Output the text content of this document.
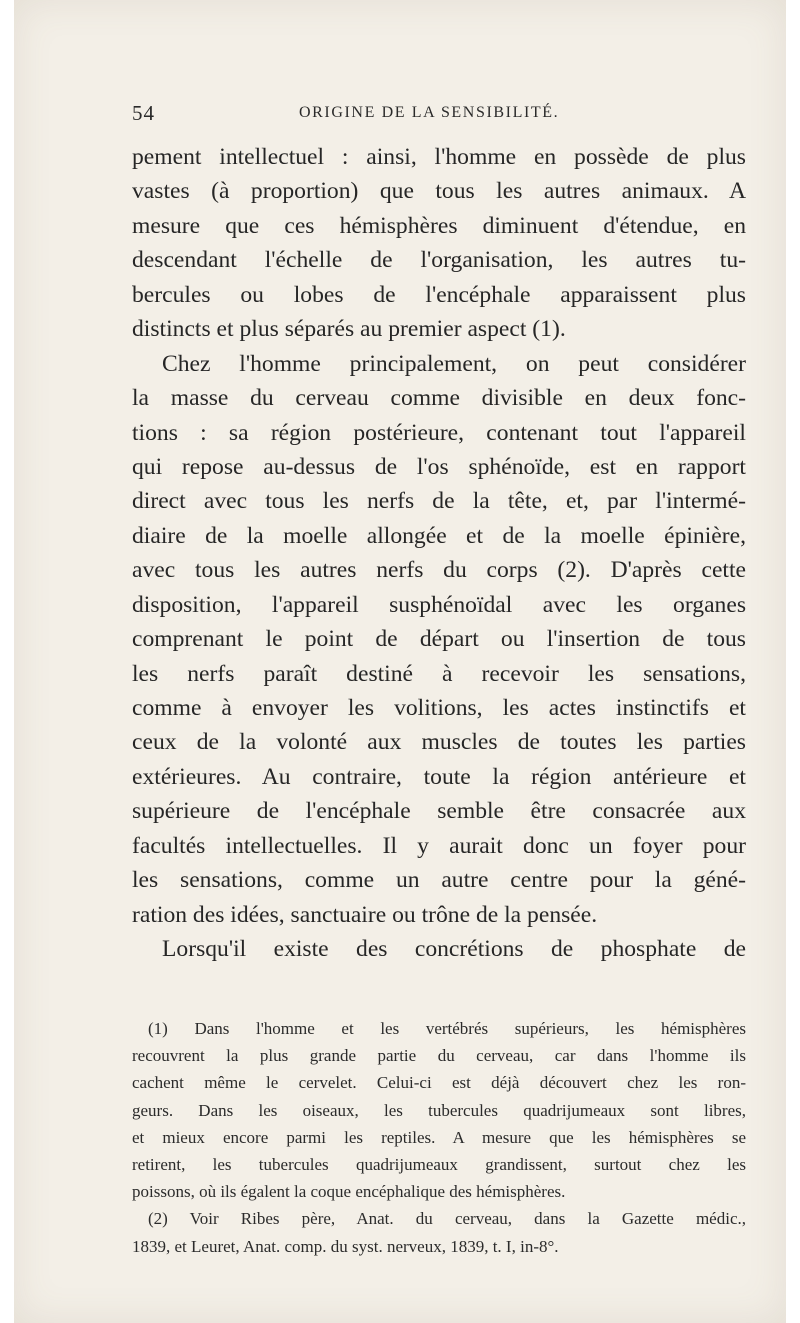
54	ORIGINE DE LA SENSIBILITÉ.
pement intellectuel : ainsi, l'homme en possède de plus
vastes (à proportion) que tous les autres animaux. A
mesure que ces hémisphères diminuent d'étendue, en
descendant l'échelle de l'organisation, les autres tu-
bercules ou lobes de l'encéphale apparaissent plus
distincts et plus séparés au premier aspect (1).
Chez l'homme principalement, on peut considérer
la masse du cerveau comme divisible en deux fonc-
tions : sa région postérieure, contenant tout l'appareil
qui repose au-dessus de l'os sphénoïde, est en rapport
direct avec tous les nerfs de la tête, et, par l'intermé-
diaire de la moelle allongée et de la moelle épinière,
avec tous les autres nerfs du corps (2). D'après cette
disposition, l'appareil susphénoïdal avec les organes
comprenant le point de départ ou l'insertion de tous
les nerfs paraît destiné à recevoir les sensations,
comme à envoyer les volitions, les actes instinctifs et
ceux de la volonté aux muscles de toutes les parties
extérieures. Au contraire, toute la région antérieure et
supérieure de l'encéphale semble être consacrée aux
facultés intellectuelles. Il y aurait donc un foyer pour
les sensations, comme un autre centre pour la géné-
ration des idées, sanctuaire ou trône de la pensée.
Lorsqu'il existe des concrétions de phosphate de
(1) Dans l'homme et les vertébrés supérieurs, les hémisphères
recouvrent la plus grande partie du cerveau, car dans l'homme ils
cachent même le cervelet. Celui-ci est déjà découvert chez les ron-
geurs. Dans les oiseaux, les tubercules quadrijumeaux sont libres,
et mieux encore parmi les reptiles. A mesure que les hémisphères se
retirent, les tubercules quadrijumeaux grandissent, surtout chez les
poissons, où ils égalent la coque encéphalique des hémisphères.
(2) Voir Ribes père, Anat. du cerveau, dans la Gazette médic.,
1839, et Leuret, Anat. comp. du syst. nerveux, 1839, t. I, in-8°.
